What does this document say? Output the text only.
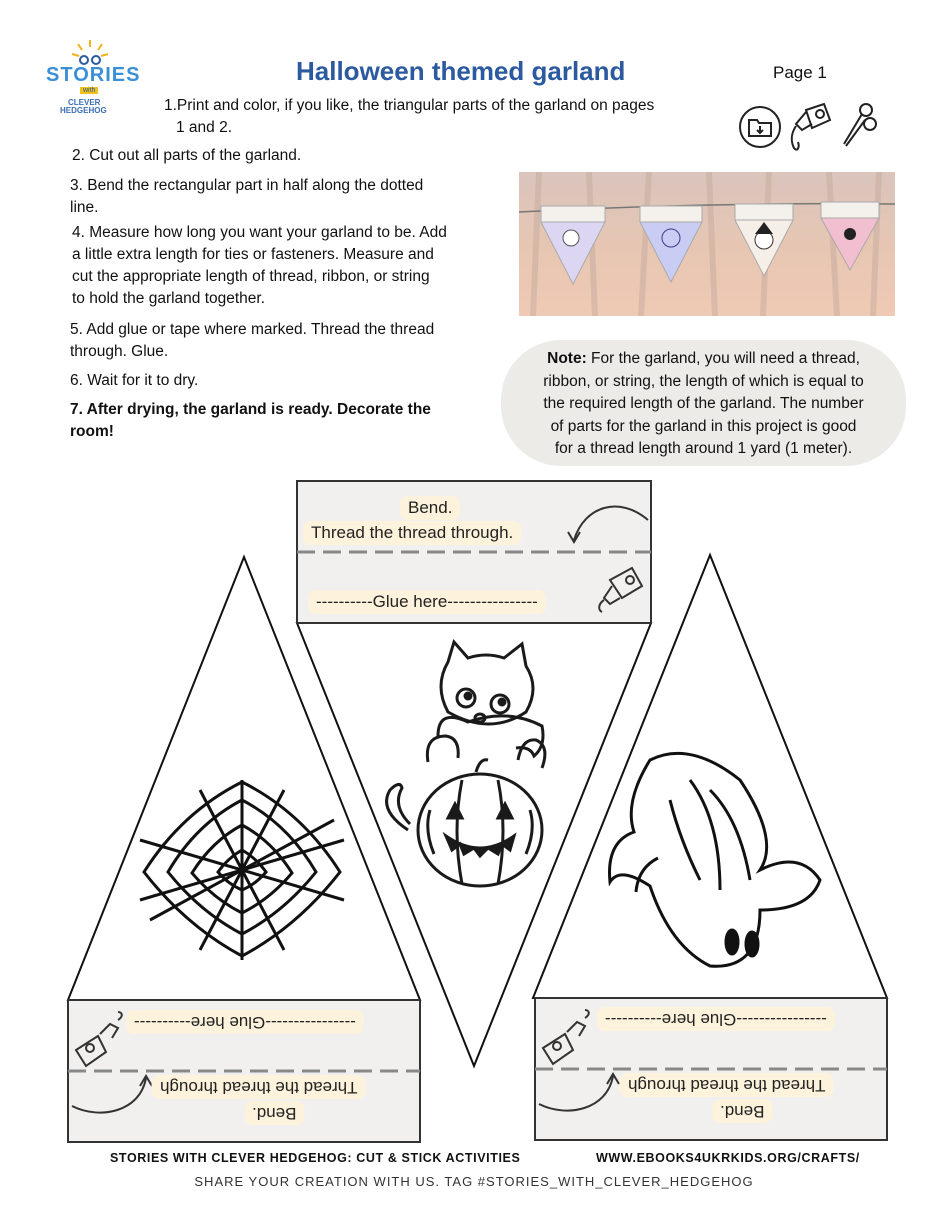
STORIES
with
CLEVER
HEDGEHOG
Halloween themed garland	Page 1
1.Print and color, if you like, the triangular parts of the garland on pages
1 and 2.
2. Cut out all parts of the garland.
3. Bend the rectangular part in half along the dotted
line.
4. Measure how long you want your garland to be. Add
a little extra length for ties or fasteners. Measure and
cut the appropriate length of thread, ribbon, or string
to hold the garland together.
5. Add glue or tape where marked. Thread the thread
through. Glue.
6. Wait for it to dry.
7. After drying, the garland is ready. Decorate the
room!
Note: For the garland, you will need a thread,
ribbon, or string, the length of which is equal to
the required length of the garland. The number
of parts for the garland in this project is good
for a thread length around 1 yard (1 meter).
Bend.
Thread the thread through.
----------Glue here----------------
----------------Glue here----------
Thread the thread through
Bend.
----------------Glue here----------
Thread the thread through
Bend.
STORIES WITH CLEVER HEDGEHOG: CUT & STICK ACTIVITIES	WWW.EBOOKS4UKRKIDS.ORG/CRAFTS/
SHARE YOUR CREATION WITH US. TAG #STORIES_WITH_CLEVER_HEDGEHOG
